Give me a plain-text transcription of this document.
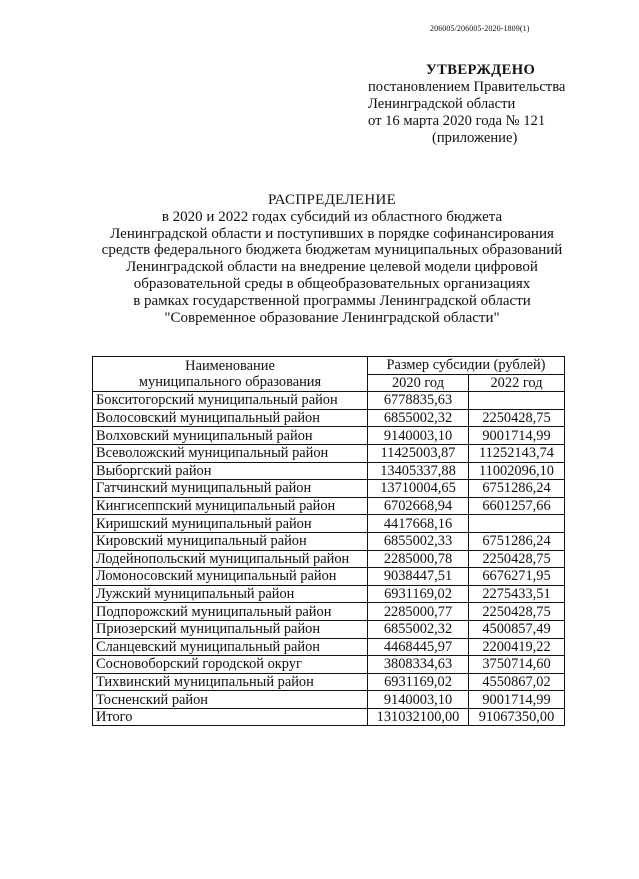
206005/206005-2020-1809(1)
УТВЕРЖДЕНО
постановлением Правительства
Ленинградской области
от 16 марта 2020 года № 121
(приложение)
РАСПРЕДЕЛЕНИЕ
в 2020 и 2022 годах субсидий из областного бюджета
Ленинградской области и поступивших в порядке софинансирования
средств федерального бюджета бюджетам муниципальных образований
Ленинградской области на внедрение целевой модели цифровой
образовательной среды в общеобразовательных организациях
в рамках государственной программы Ленинградской области
"Современное образование Ленинградской области"
Наименование
муниципального образования	Размер субсидии (рублей)	
	2020 год	2022 год
Бокситогорский муниципальный район	6778835,63	
Волосовский муниципальный район	6855002,32	2250428,75
Волховский муниципальный район	9140003,10	9001714,99
Всеволожский муниципальный район	11425003,87	11252143,74
Выборгский район	13405337,88	11002096,10
Гатчинский муниципальный район	13710004,65	6751286,24
Кингисеппский муниципальный район	6702668,94	6601257,66
Киришский муниципальный район	4417668,16	
Кировский муниципальный район	6855002,33	6751286,24
Лодейнопольский муниципальный район	2285000,78	2250428,75
Ломоносовский муниципальный район	9038447,51	6676271,95
Лужский муниципальный район	6931169,02	2275433,51
Подпорожский муниципальный район	2285000,77	2250428,75
Приозерский муниципальный район	6855002,32	4500857,49
Сланцевский муниципальный район	4468445,97	2200419,22
Сосновоборский городской округ	3808334,63	3750714,60
Тихвинский муниципальный район	6931169,02	4550867,02
Тосненский район	9140003,10	9001714,99
Итого	131032100,00	91067350,00
